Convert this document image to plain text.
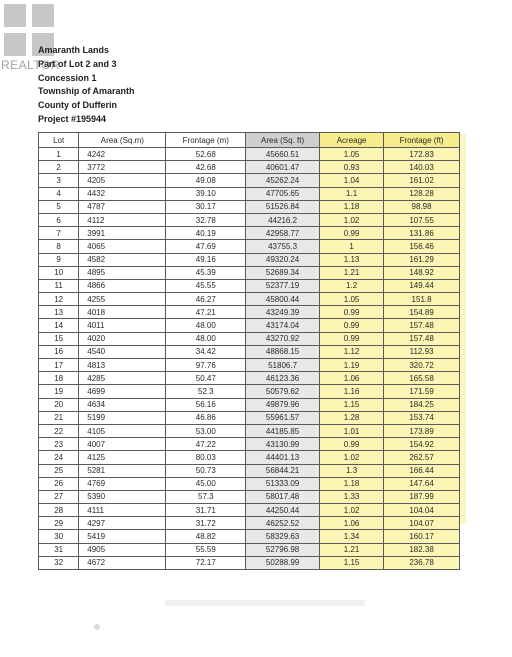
REALTOR
Amaranth Lands
Part of Lot 2 and 3
Concession 1
Township of Amaranth
County of Dufferin
Project #195944
Lot	Area (Sq.m)	Frontage (m)	Area (Sq. ft)	Acreage	Frontage (ft)
1	4242	52.68	45660.51	1.05	172.83
2	3772	42.68	40601.47	0.93	140.03
3	4205	49.08	45262.24	1.04	161.02
4	4432	39.10	47705.65	1.1	128.28
5	4787	30.17	51526.84	1.18	98.98
6	4112	32.78	44216.2	1.02	107.55
7	3991	40.19	42958.77	0.99	131.86
8	4065	47.69	43755.3	1	156.46
9	4582	49.16	49320.24	1.13	161.29
10	4895	45.39	52689.34	1.21	148.92
11	4866	45.55	52377.19	1.2	149.44
12	4255	46.27	45800.44	1.05	151.8
13	4018	47.21	43249.39	0.99	154.89
14	4011	48.00	43174.04	0.99	157.48
15	4020	48.00	43270.92	0.99	157.48
16	4540	34.42	48868.15	1.12	112.93
17	4813	97.76	51806.7	1.19	320.72
18	4285	50.47	46123.36	1.06	165.58
19	4699	52.3	50579.62	1.16	171.59
20	4634	56.16	49879.96	1.15	184.25
21	5199	46.86	55961.57	1.28	153.74
22	4105	53.00	44185.85	1.01	173.89
23	4007	47.22	43130.99	0.99	154.92
24	4125	80.03	44401.13	1.02	262.57
25	5281	50.73	56844.21	1.3	166.44
26	4769	45.00	51333.09	1.18	147.64
27	5390	57.3	58017.48	1.33	187.99
28	4111	31.71	44250.44	1.02	104.04
29	4297	31.72	46252.52	1.06	104.07
30	5419	48.82	58329.63	1.34	160.17
31	4905	55.59	52796.98	1.21	182.38
32	4672	72.17	50288.99	1.15	236.78
